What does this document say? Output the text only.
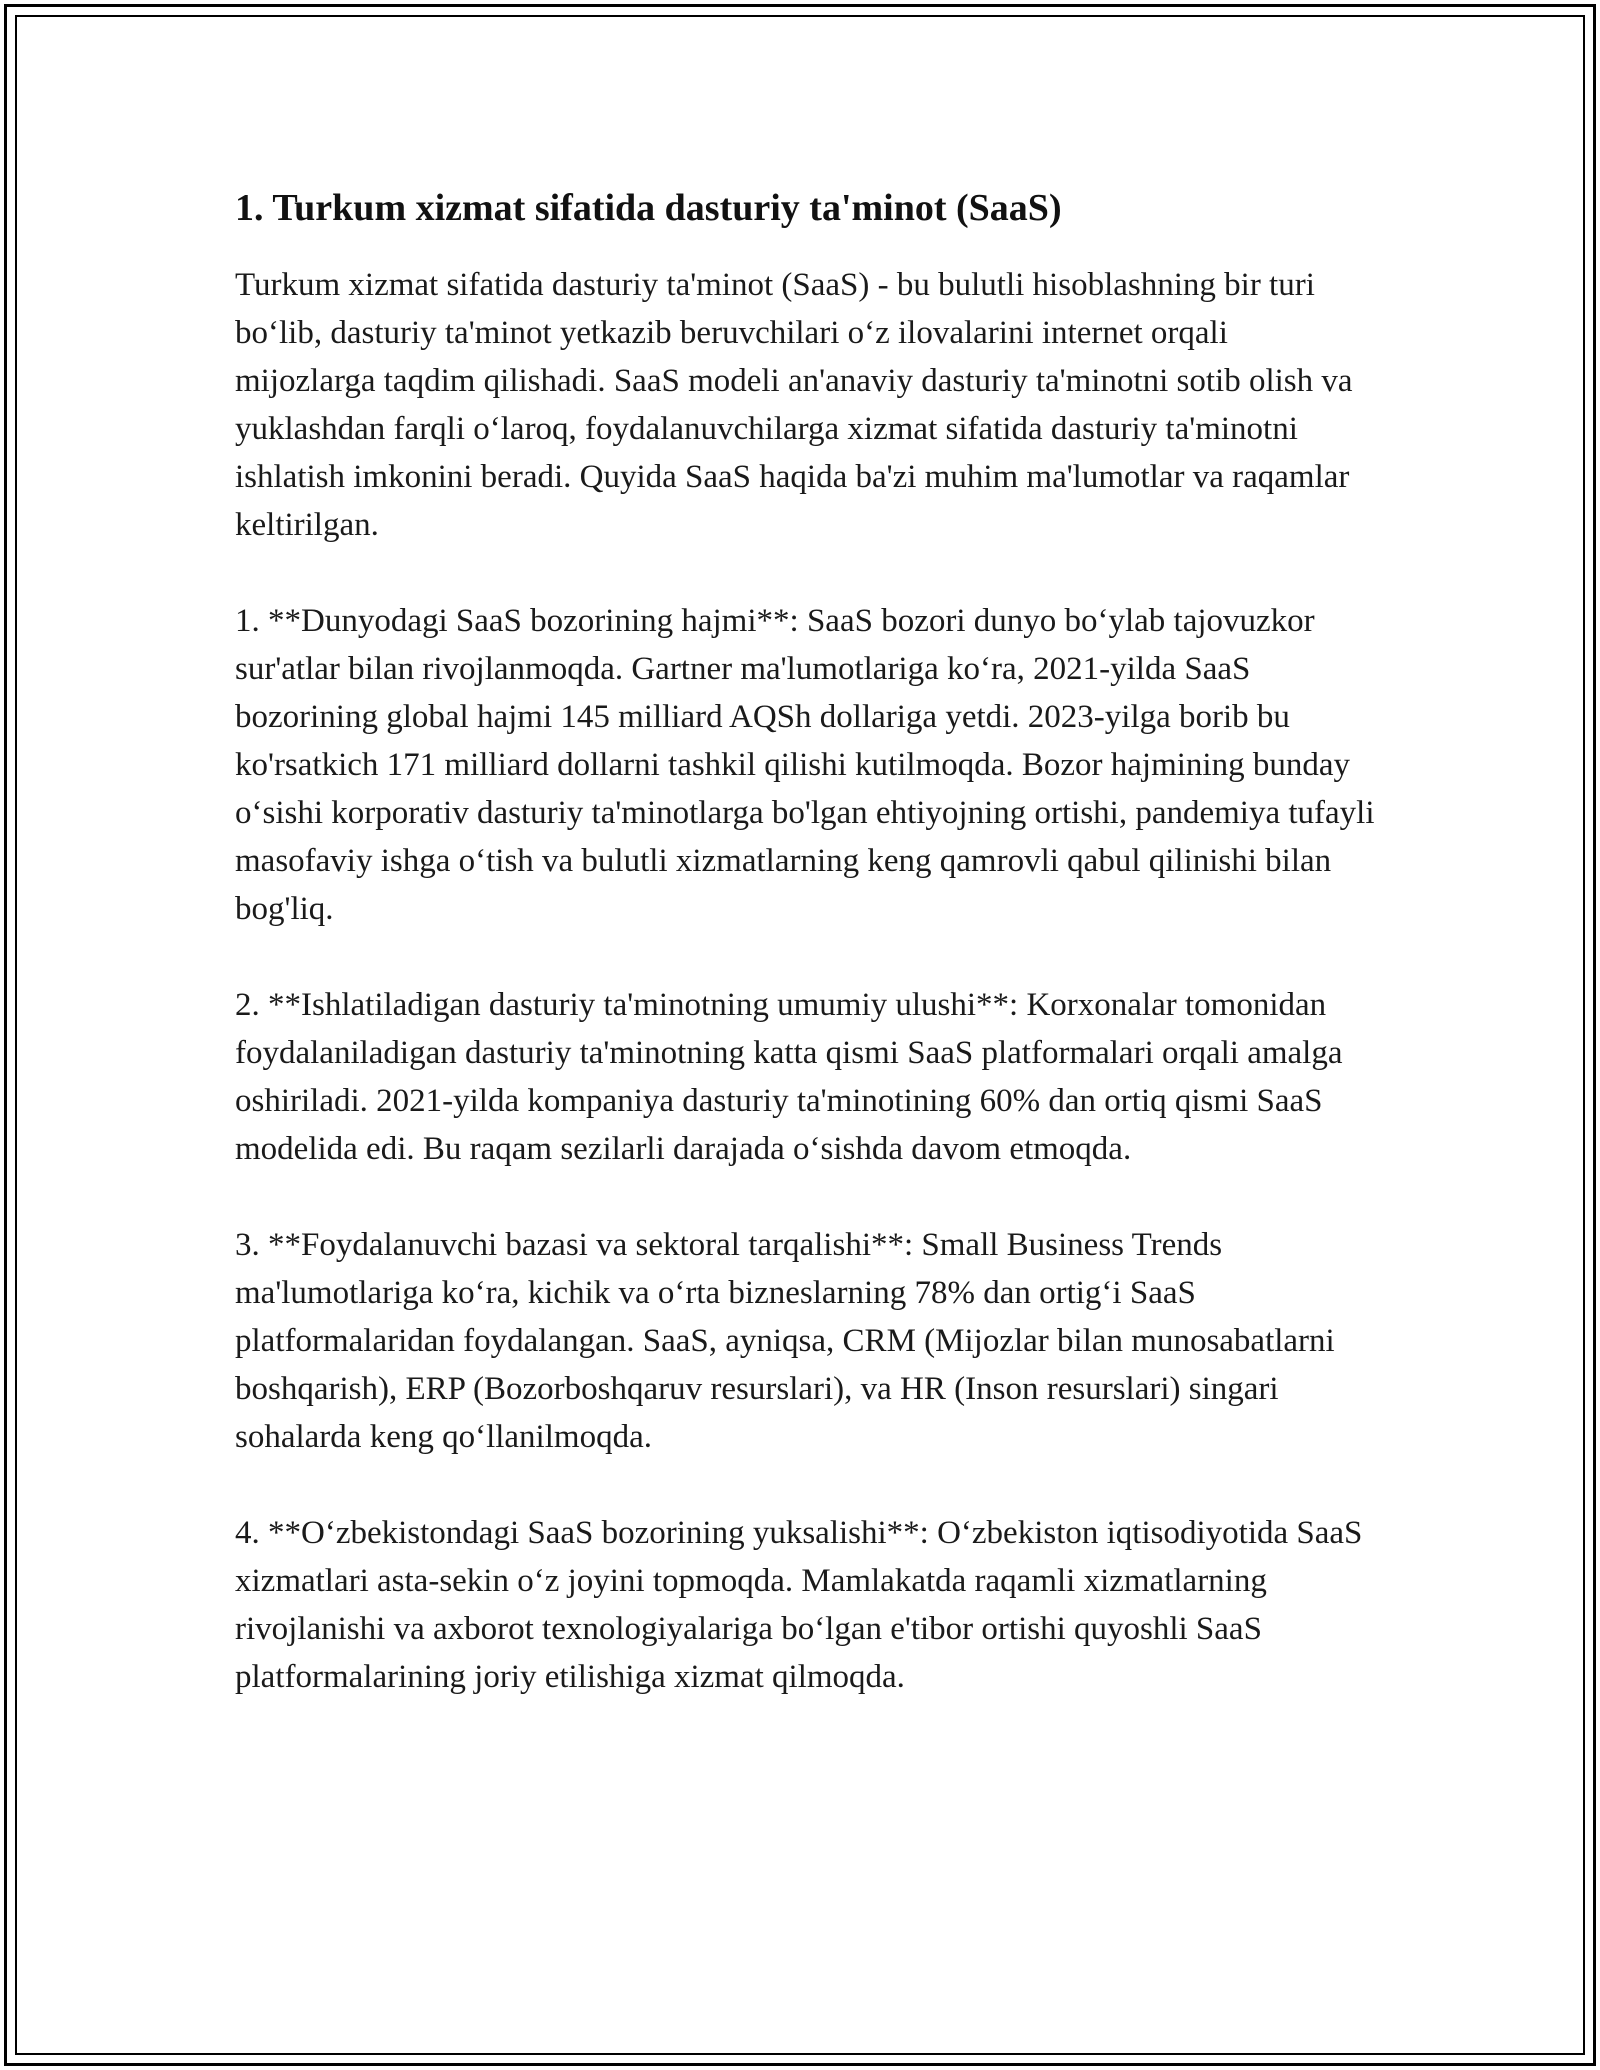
1. Turkum xizmat sifatida dasturiy ta'minot (SaaS)

Turkum xizmat sifatida dasturiy ta'minot (SaaS) - bu bulutli hisoblashning bir turi bo‘lib, dasturiy ta'minot yetkazib beruvchilari o‘z ilovalarini internet orqali mijozlarga taqdim qilishadi. SaaS modeli an'anaviy dasturiy ta'minotni sotib olish va yuklashdan farqli o‘laroq, foydalanuvchilarga xizmat sifatida dasturiy ta'minotni ishlatish imkonini beradi. Quyida SaaS haqida ba'zi muhim ma'lumotlar va raqamlar keltirilgan.

1. **Dunyodagi SaaS bozorining hajmi**: SaaS bozori dunyo bo‘ylab tajovuzkor sur'atlar bilan rivojlanmoqda. Gartner ma'lumotlariga ko‘ra, 2021-yilda SaaS bozorining global hajmi 145 milliard AQSh dollariga yetdi. 2023-yilga borib bu ko'rsatkich 171 milliard dollarni tashkil qilishi kutilmoqda. Bozor hajmining bunday o‘sishi korporativ dasturiy ta'minotlarga bo'lgan ehtiyojning ortishi, pandemiya tufayli masofaviy ishga o‘tish va bulutli xizmatlarning keng qamrovli qabul qilinishi bilan bog'liq.

2. **Ishlatiladigan dasturiy ta'minotning umumiy ulushi**: Korxonalar tomonidan foydalaniladigan dasturiy ta'minotning katta qismi SaaS platformalari orqali amalga oshiriladi. 2021-yilda kompaniya dasturiy ta'minotining 60% dan ortiq qismi SaaS modelida edi. Bu raqam sezilarli darajada o‘sishda davom etmoqda.

3. **Foydalanuvchi bazasi va sektoral tarqalishi**: Small Business Trends ma'lumotlariga ko‘ra, kichik va o‘rta bizneslarning 78% dan ortig‘i SaaS platformalaridan foydalangan. SaaS, ayniqsa, CRM (Mijozlar bilan munosabatlarni boshqarish), ERP (Bozorboshqaruv resurslari), va HR (Inson resurslari) singari sohalarda keng qo‘llanilmoqda.

4. **O‘zbekistondagi SaaS bozorining yuksalishi**: O‘zbekiston iqtisodiyotida SaaS xizmatlari asta-sekin o‘z joyini topmoqda. Mamlakatda raqamli xizmatlarning rivojlanishi va axborot texnologiyalariga bo‘lgan e'tibor ortishi quyoshli SaaS platformalarining joriy etilishiga xizmat qilmoqda.
